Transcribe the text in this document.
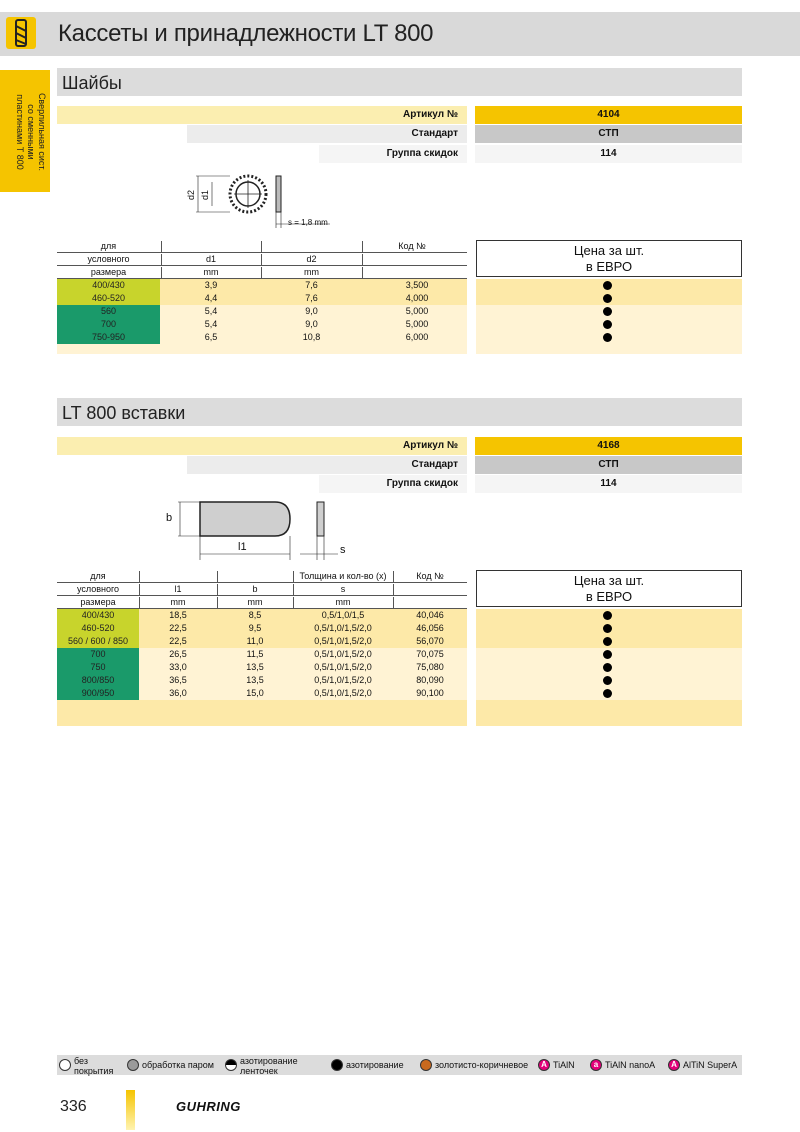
Кассеты и принадлежности LT 800
Сверлильная сист.
со сменными
пластинами Т 800
Шайбы
Артикул №	4104
Стандарт	СТП
Группа скидок	114
d2 d1
s = 1,8 mm
для	Код №
условного	d1	d2
размера	mm	mm
400/430	3,9	7,6	3,500
460-520	4,4	7,6	4,000
560	5,4	9,0	5,000
700	5,4	9,0	5,000
750-950	6,5	10,8	6,000
Цена за шт.
в ЕВРО
LT 800 вставки
Артикул №	4168
Стандарт	СТП
Группа скидок	114
b
l1	s
для	Толщина и кол-во (x)	Код №
условного	l1	b	s
размера	mm	mm	mm
400/430	18,5	8,5	0,5/1,0/1,5	40,046
460-520	22,5	9,5	0,5/1,0/1,5/2,0	46,056
560 / 600 / 850	22,5	11,0	0,5/1,0/1,5/2,0	56,070
700	26,5	11,5	0,5/1,0/1,5/2,0	70,075
750	33,0	13,5	0,5/1,0/1,5/2,0	75,080
800/850	36,5	13,5	0,5/1,0/1,5/2,0	80,090
900/950	36,0	15,0	0,5/1,0/1,5/2,0	90,100
Цена за шт.
в ЕВРО
без покрытия
обработка паром	азотирование ленточек
азотирование	золотисто-коричневое	A TiAlN	a TiAlN nanoA	A AlTiN SuperA
336	GUHRING
